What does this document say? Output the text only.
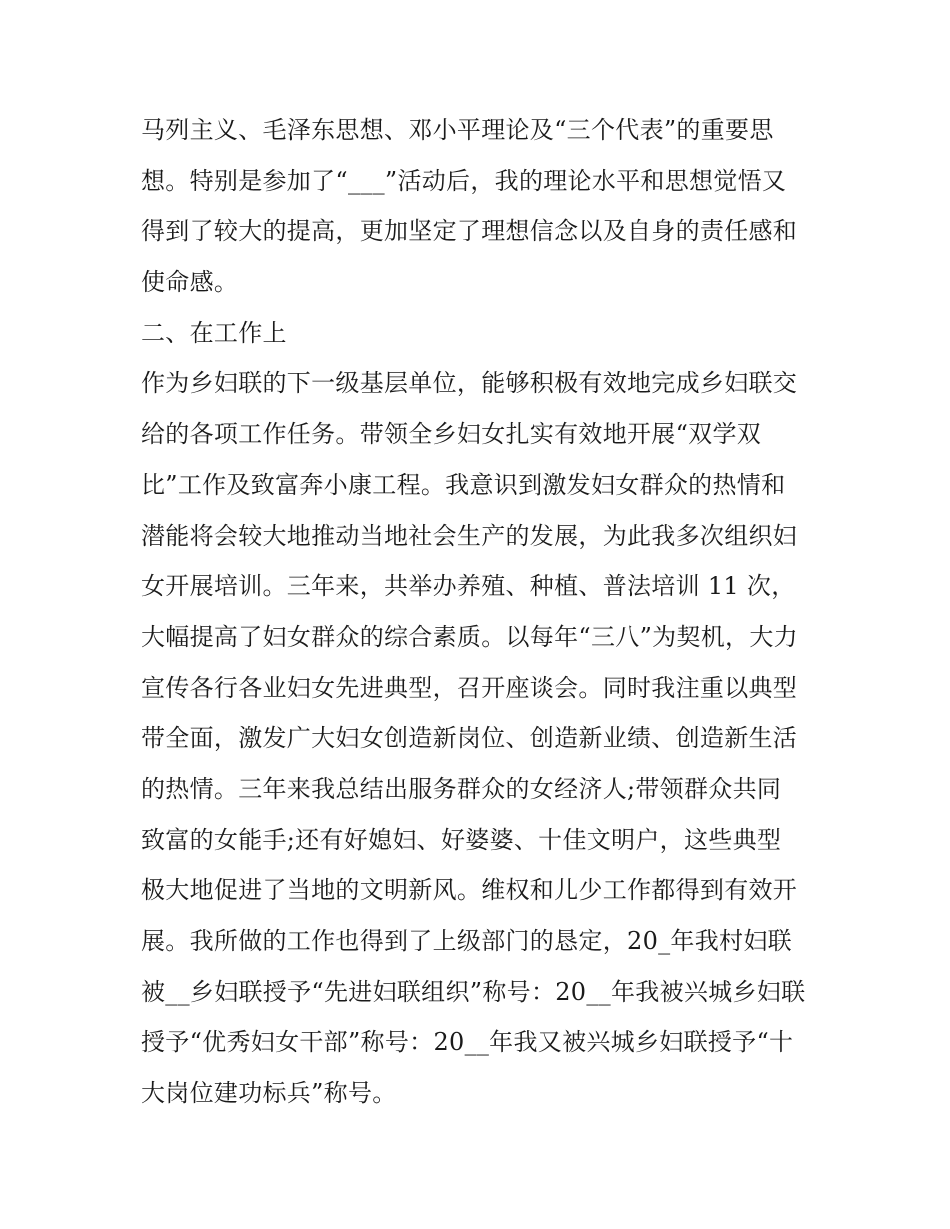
马列主义、毛泽东思想、邓小平理论及“三个代表”的重要思
想。特别是参加了“___”活动后，我的理论水平和思想觉悟又
得到了较大的提高，更加坚定了理想信念以及自身的责任感和
使命感。
二、在工作上
作为乡妇联的下一级基层单位，能够积极有效地完成乡妇联交
给的各项工作任务。带领全乡妇女扎实有效地开展“双学双
比”工作及致富奔小康工程。我意识到激发妇女群众的热情和
潜能将会较大地推动当地社会生产的发展，为此我多次组织妇
女开展培训。三年来，共举办养殖、种植、普法培训 11 次，
大幅提高了妇女群众的综合素质。以每年“三八”为契机，大力
宣传各行各业妇女先进典型，召开座谈会。同时我注重以典型
带全面，激发广大妇女创造新岗位、创造新业绩、创造新生活
的热情。三年来我总结出服务群众的女经济人;带领群众共同
致富的女能手;还有好媳妇、好婆婆、十佳文明户，这些典型
极大地促进了当地的文明新风。维权和儿少工作都得到有效开
展。我所做的工作也得到了上级部门的恳定，20_年我村妇联
被__乡妇联授予“先进妇联组织”称号：20__年我被兴城乡妇联
授予“优秀妇女干部”称号：20__年我又被兴城乡妇联授予“十
大岗位建功标兵”称号。
